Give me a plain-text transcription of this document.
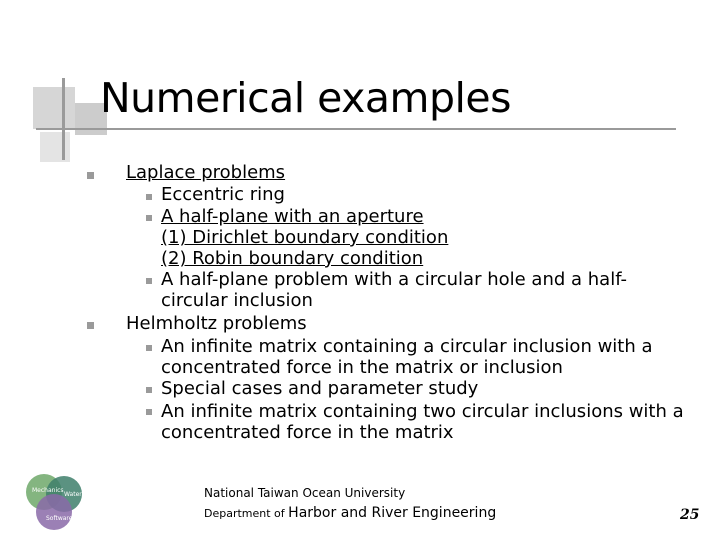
Numerical examples
Laplace problems
Eccentric ring
A half-plane with an aperture
(1) Dirichlet boundary condition
(2) Robin boundary condition
A half-plane problem with a circular hole and a half-
circular inclusion
Helmholtz problems
An infinite matrix containing a circular inclusion with a
concentrated force in the matrix or inclusion
Special cases and parameter study
An infinite matrix containing two circular inclusions with a
concentrated force in the matrix
Mechanics
Water
Software
National Taiwan Ocean University
Department of Harbor and River Engineering	25
